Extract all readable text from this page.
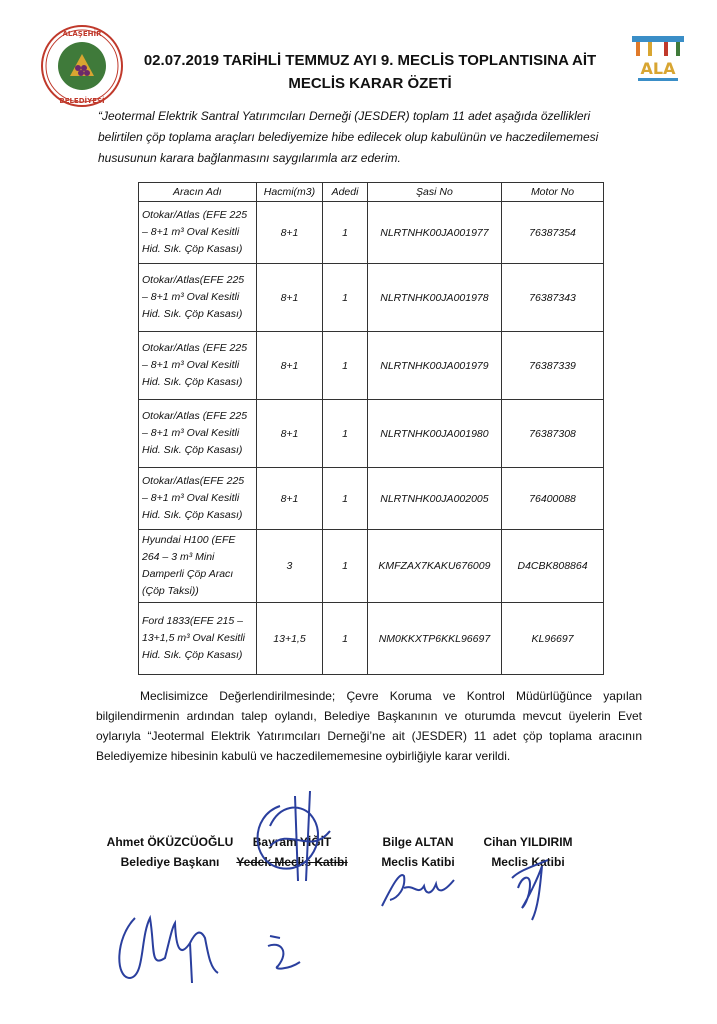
ALAŞEHİR
BELEDİYESİ
ALA
02.07.2019 TARİHLİ TEMMUZ AYI 9. MECLİS TOPLANTISINA AİT
MECLİS KARAR ÖZETİ

“Jeotermal Elektrik Santral Yatırımcıları Derneği (JESDER) toplam 11 adet aşağıda özellikleri
belirtilen çöp toplama araçları belediyemize hibe edilecek olup kabulünün ve haczedilememesi
hususunun karara bağlanmasını saygılarımla arz ederim.

Aracın Adı	Hacmi(m3)	Adedi	Şasi No	Motor No
Otokar/Atlas (EFE 225 – 8+1 m³ Oval Kesitli Hid. Sık. Çöp Kasası)	8+1	1	NLRTNHK00JA001977	76387354
Otokar/Atlas(EFE 225 – 8+1 m³ Oval Kesitli Hid. Sık. Çöp Kasası)	8+1	1	NLRTNHK00JA001978	76387343
Otokar/Atlas (EFE 225 – 8+1 m³ Oval Kesitli Hid. Sık. Çöp Kasası)	8+1	1	NLRTNHK00JA001979	76387339
Otokar/Atlas (EFE 225 – 8+1 m³ Oval Kesitli Hid. Sık. Çöp Kasası)	8+1	1	NLRTNHK00JA001980	76387308
Otokar/Atlas(EFE 225 – 8+1 m³ Oval Kesitli Hid. Sık. Çöp Kasası)	8+1	1	NLRTNHK00JA002005	76400088
Hyundai H100 (EFE 264 – 3 m³ Mini Damperli Çöp Aracı (Çöp Taksi))	3	1	KMFZAX7KAKU676009	D4CBK808864
Ford 1833(EFE 215 – 13+1,5 m³ Oval Kesitli Hid. Sık. Çöp Kasası)	13+1,5	1	NM0KKXTP6KKL96697	KL96697

Meclisimizce Değerlendirilmesinde; Çevre Koruma ve Kontrol Müdürlüğünce yapılan
bilgilendirmenin ardından talep oylandı, Belediye Başkanının ve oturumda mevcut üyelerin Evet
oylarıyla “Jeotermal Elektrik Yatırımcıları Derneği’ne ait (JESDER) 11 adet çöp toplama aracının
Belediyemize hibesinin kabulü ve haczedilememesine oybirliğiyle karar verildi.

Ahmet ÖKÜZCÜOĞLU
Belediye Başkanı
Bayram YİĞİT
Yedek Meclis Katibi
Bilge ALTAN
Meclis Katibi
Cihan YILDIRIM
Meclis Katibi
